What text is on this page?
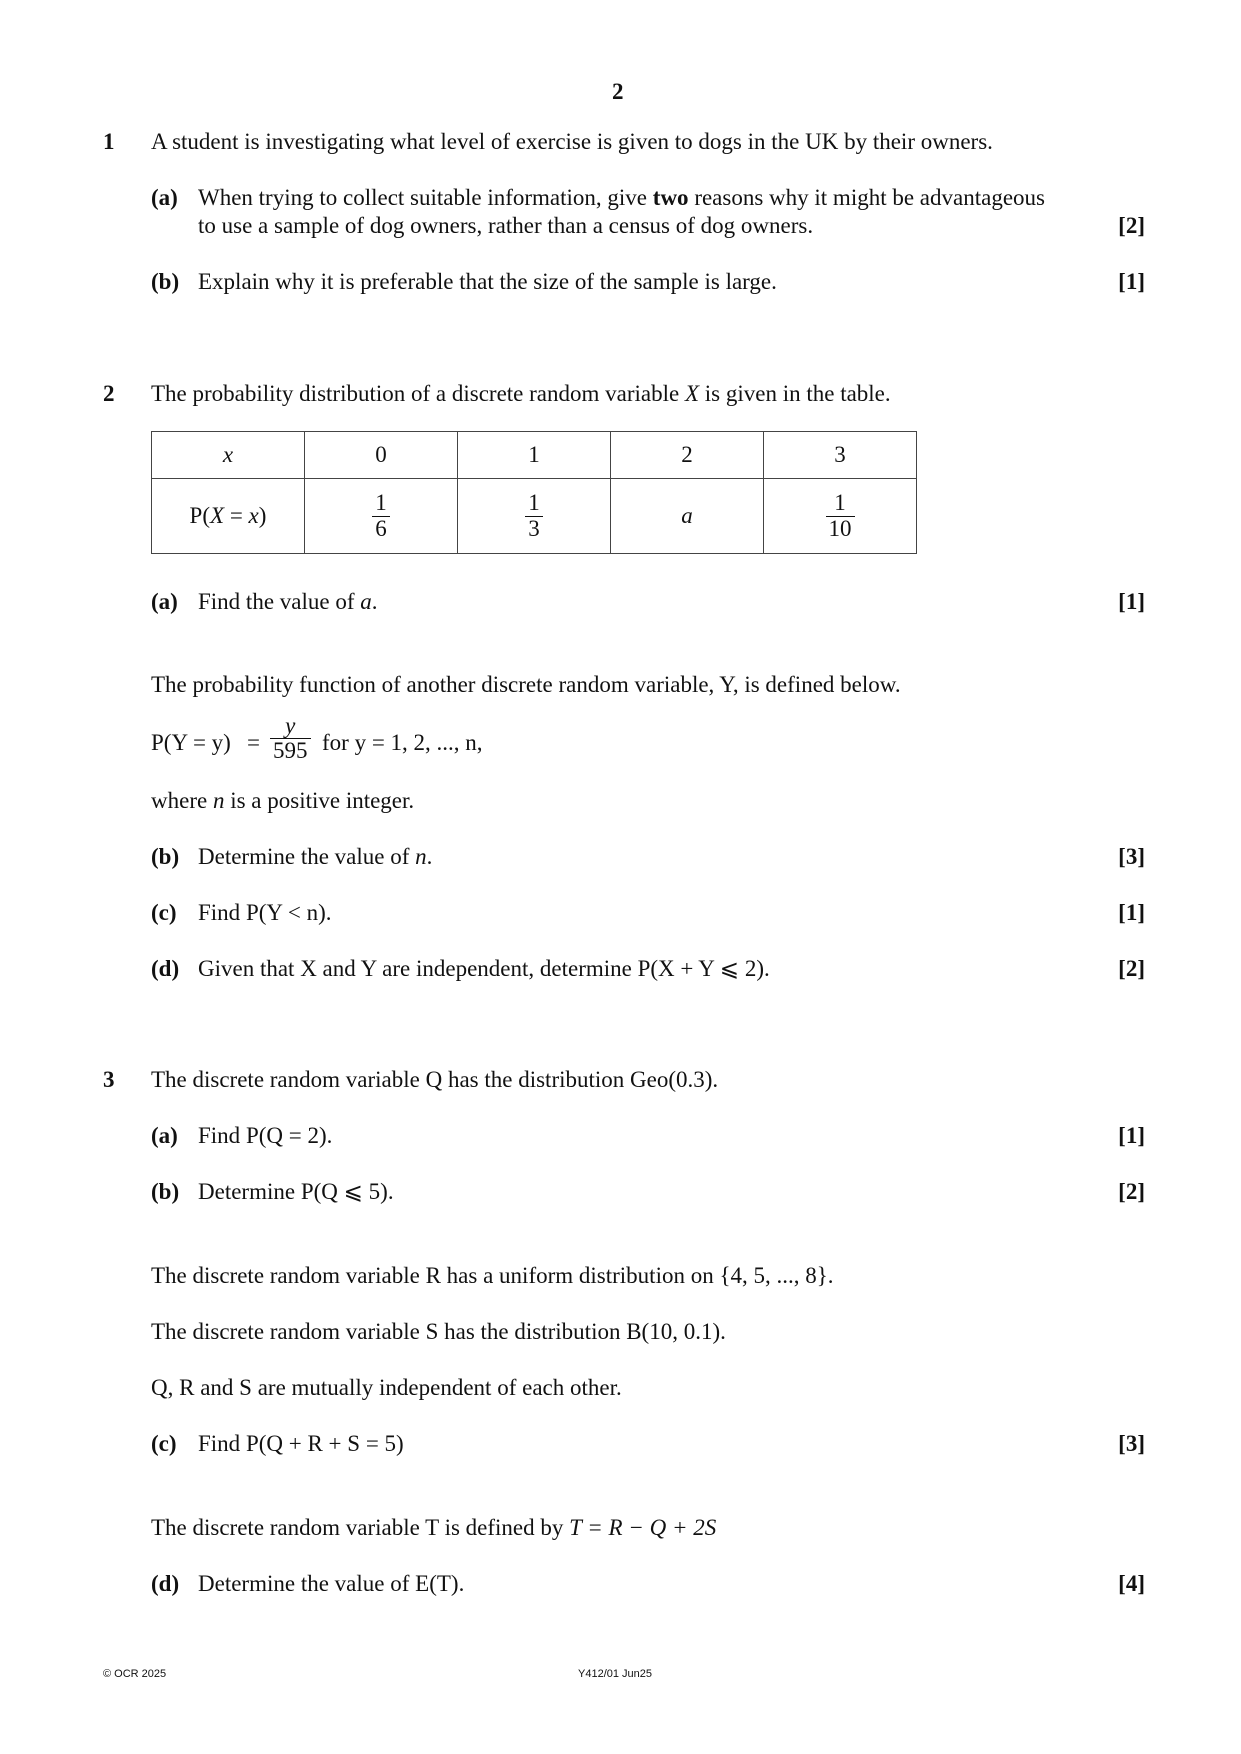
2
1 A student is investigating what level of exercise is given to dogs in the UK by their owners.
(a) When trying to collect suitable information, give two reasons why it might be advantageous
to use a sample of dog owners, rather than a census of dog owners.	[2]
(b) Explain why it is preferable that the size of the sample is large.	[1]
2 The probability distribution of a discrete random variable X is given in the table.
x	0	1	2	3
P(X = x)	$\frac{1}{6}$	$\frac{1}{3}$	a	$\frac{1}{10}$
(a) Find the value of a.	[1]
The probability function of another discrete random variable, Y, is defined below.
$P(Y = y) = \frac{y}{595}$ for y = 1, 2, ..., n,
where n is a positive integer.
(b) Determine the value of n.	[3]
(c) Find P(Y < n).	[1]
(d) Given that X and Y are independent, determine P(X + Y ⩽ 2).	[2]
3 The discrete random variable Q has the distribution Geo(0.3).
(a) Find P(Q = 2).	[1]
(b) Determine P(Q ⩽ 5).	[2]
The discrete random variable R has a uniform distribution on {4, 5, ..., 8}.
The discrete random variable S has the distribution B(10, 0.1).
Q, R and S are mutually independent of each other.
(c) Find P(Q + R + S = 5)	[3]
The discrete random variable T is defined by T = R − Q + 2S
(d) Determine the value of E(T).	[4]
© OCR 2025	Y412/01 Jun25
